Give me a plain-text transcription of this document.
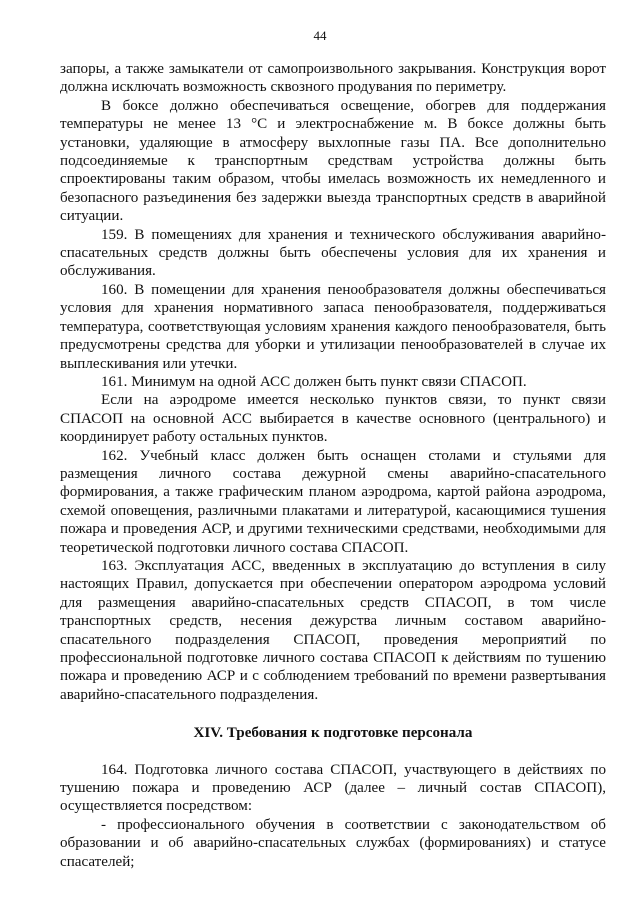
44

запоры, а также замыкатели от самопроизвольного закрывания. Конструкция ворот должна исключать возможность сквозного продувания по периметру.

В боксе должно обеспечиваться освещение, обогрев для поддержания температуры не менее 13 °C и электроснабжение м. В боксе должны быть установки, удаляющие в атмосферу выхлопные газы ПА. Все дополнительно подсоединяемые к транспортным средствам устройства должны быть спроектированы таким образом, чтобы имелась возможность их немедленного и безопасного разъединения без задержки выезда транспортных средств в аварийной ситуации.

159. В помещениях для хранения и технического обслуживания аварийно-спасательных средств должны быть обеспечены условия для их хранения и обслуживания.

160. В помещении для хранения пенообразователя должны обеспечиваться условия для хранения нормативного запаса пенообразователя, поддерживаться температура, соответствующая условиям хранения каждого пенообразователя, быть предусмотрены средства для уборки и утилизации пенообразователей в случае их выплескивания или утечки.

161. Минимум на одной АСС должен быть пункт связи СПАСОП.

Если на аэродроме имеется несколько пунктов связи, то пункт связи СПАСОП на основной АСС выбирается в качестве основного (центрального) и координирует работу остальных пунктов.

162. Учебный класс должен быть оснащен столами и стульями для размещения личного состава дежурной смены аварийно-спасательного формирования, а также графическим планом аэродрома, картой района аэродрома, схемой оповещения, различными плакатами и литературой, касающимися тушения пожара и проведения АСР, и другими техническими средствами, необходимыми для теоретической подготовки личного состава СПАСОП.

163. Эксплуатация АСС, введенных в эксплуатацию до вступления в силу настоящих Правил, допускается при обеспечении оператором аэродрома условий для размещения аварийно-спасательных средств СПАСОП, в том числе транспортных средств, несения дежурства личным составом аварийно-спасательного подразделения СПАСОП, проведения мероприятий по профессиональной подготовке личного состава СПАСОП к действиям по тушению пожара и проведению АСР и с соблюдением требований по времени развертывания аварийно-спасательного подразделения.

XIV. Требования к подготовке персонала

164. Подготовка личного состава СПАСОП, участвующего в действиях по тушению пожара и проведению АСР (далее – личный состав СПАСОП), осуществляется посредством:

- профессионального обучения в соответствии с законодательством об образовании и об аварийно-спасательных службах (формированиях) и статусе спасателей;
